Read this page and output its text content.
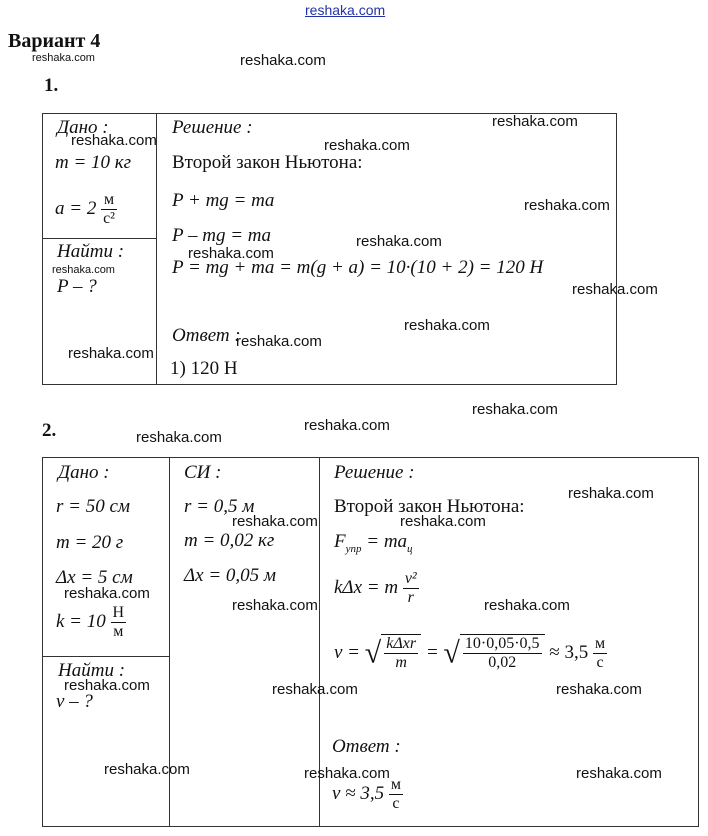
reshaka.com
Вариант 4
reshaka.com	reshaka.com
1.
Дано :
m = 10 кг
$a = 2 \frac{м}{\text{с²}}$
Найти :
P – ?
Решение :
Второй закон Ньютона:
P + mg = ma
P – mg = ma
P = mg + ma = m(g + a) = 10·(10 + 2) = 120 Н
Ответ :
1) 120 Н
reshaka.com	reshaka.com
reshaka.com
reshaka.com
reshaka.com
reshaka.com
reshaka.com
reshaka.com
reshaka.com
reshaka.com
reshaka.com
reshaka.com
reshaka.com
reshaka.com
2.
Дано :
r = 50 см
m = 20 г
Δx = 5 см
$k = 10 \frac{Н}{м}$
Найти :
v – ?
СИ :
r = 0,5 м
m = 0,02 кг
Δx = 0,05 м
Решение :
Второй закон Ньютона:
$F_{упр} = ma_ц$
kΔx = m $\frac{\text{v²}}{r}$
v = √ $\frac{\text{kΔxr}}{m}$ = √ $\frac{10\cdot 0,05\cdot 0,5}{0,02} \approx 3,5 \frac{м}{с}$
Ответ :
$v \approx 3,5 \frac{м}{с}$
reshaka.com
reshaka.com	reshaka.com
reshaka.com
reshaka.com	reshaka.com
reshaka.com	reshaka.com	reshaka.com
reshaka.com	reshaka.com	reshaka.com
